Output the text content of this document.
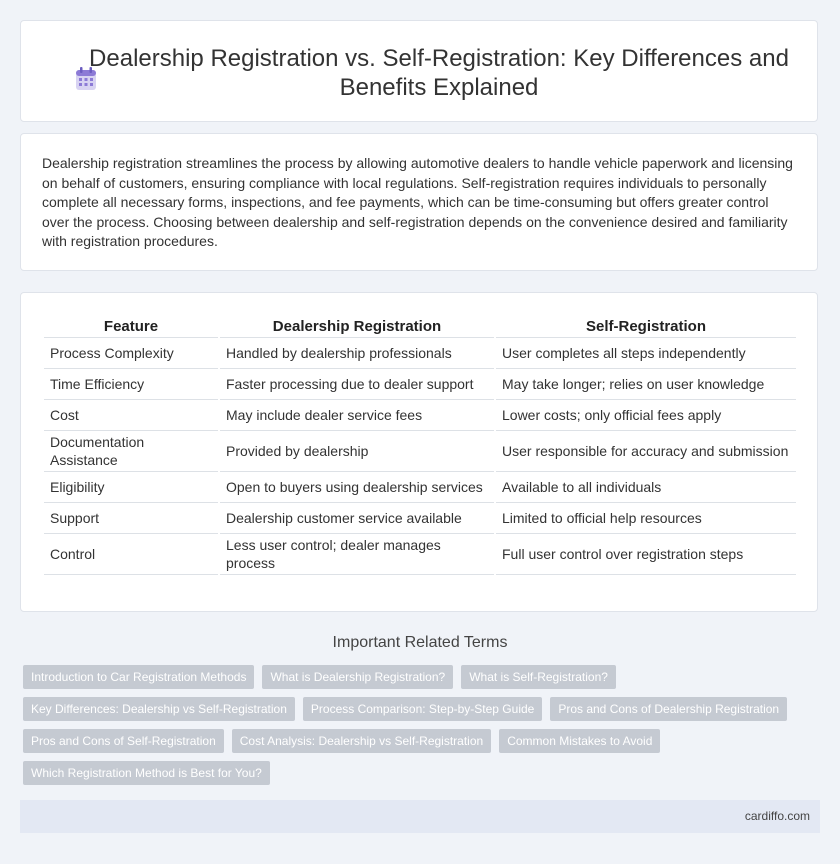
Dealership Registration vs. Self-Registration: Key Differences and Benefits Explained

Dealership registration streamlines the process by allowing automotive dealers to handle vehicle paperwork and licensing on behalf of customers, ensuring compliance with local regulations. Self-registration requires individuals to personally complete all necessary forms, inspections, and fee payments, which can be time-consuming but offers greater control over the process. Choosing between dealership and self-registration depends on the convenience desired and familiarity with registration procedures.

Feature	Dealership Registration	Self-Registration
Process Complexity	Handled by dealership professionals	User completes all steps independently
Time Efficiency	Faster processing due to dealer support	May take longer; relies on user knowledge
Cost	May include dealer service fees	Lower costs; only official fees apply
Documentation Assistance	Provided by dealership	User responsible for accuracy and submission
Eligibility	Open to buyers using dealership services	Available to all individuals
Support	Dealership customer service available	Limited to official help resources
Control	Less user control; dealer manages process	Full user control over registration steps
Important Related Terms
Introduction to Car Registration Methods	What is Dealership Registration?	What is Self-Registration?
Key Differences: Dealership vs Self-Registration	Process Comparison: Step-by-Step Guide	Pros and Cons of Dealership Registration
Pros and Cons of Self-Registration	Cost Analysis: Dealership vs Self-Registration	Common Mistakes to Avoid
Which Registration Method is Best for You?
cardiffo.com
